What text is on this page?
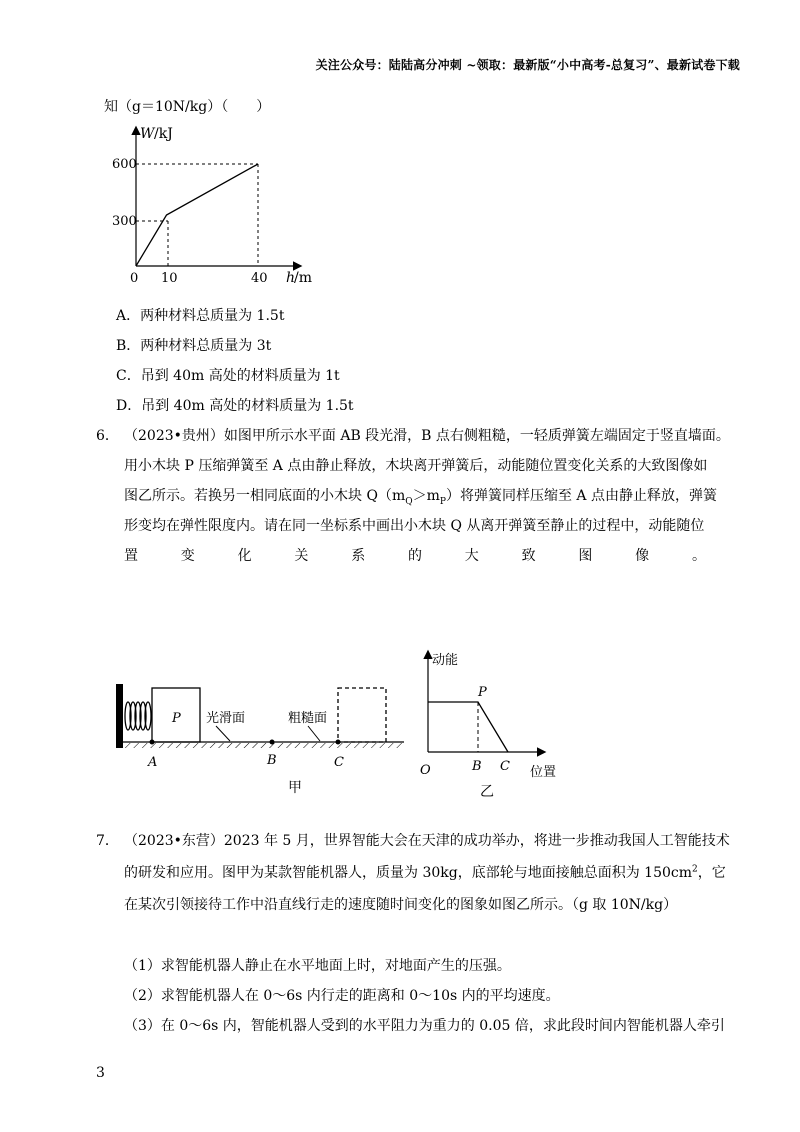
关注公众号：陆陆高分冲刺 ~领取：最新版“小中高考-总复习”、最新试卷下载
知（g＝10N/kg）（　　）
W /kJ
600
300
0 10	40 h
/m
A．两种材料总质量为 1.5t
B．两种材料总质量为 3t
C．吊到 40m 高处的材料质量为 1t
D．吊到 40m 高处的材料质量为 1.5t
6． （2023•贵州）如图甲所示水平面 AB 段光滑，B 点右侧粗糙，一轻质弹簧左端固定于竖直墙面。
用小木块 P 压缩弹簧至 A 点由静止释放，木块离开弹簧后，动能随位置变化关系的大致图像如
图乙所示。若换另一相同底面的小木块 $Q(m_Q>m_P)$将弹簧同样压缩至 A 点由静止释放，弹簧
形变均在弹性限度内。请在同一坐标系中画出小木块 Q 从离开弹簧至静止的过程中，动能随位
置	变	化	关	系	的	大	致	图	像	。
P 光滑面	粗糙面
A	B	C
甲
动能
P
O	B C 位置
乙
7． （2023•东营）2023 年 5 月，世界智能大会在天津的成功举办，将进一步推动我国人工智能技术
的研发和应用。图甲为某款智能机器人，质量为 30kg，底部轮与地面接触总面积为 $150cm^2$，它
在某次引领接待工作中沿直线行走的速度随时间变化的图象如图乙所示。（g 取 10N/kg）
（1）求智能机器人静止在水平地面上时，对地面产生的压强。
（2）求智能机器人在 0～6s 内行走的距离和 0～10s 内的平均速度。
（3）在 0～6s 内，智能机器人受到的水平阻力为重力的 0.05 倍，求此段时间内智能机器人牵引
3
